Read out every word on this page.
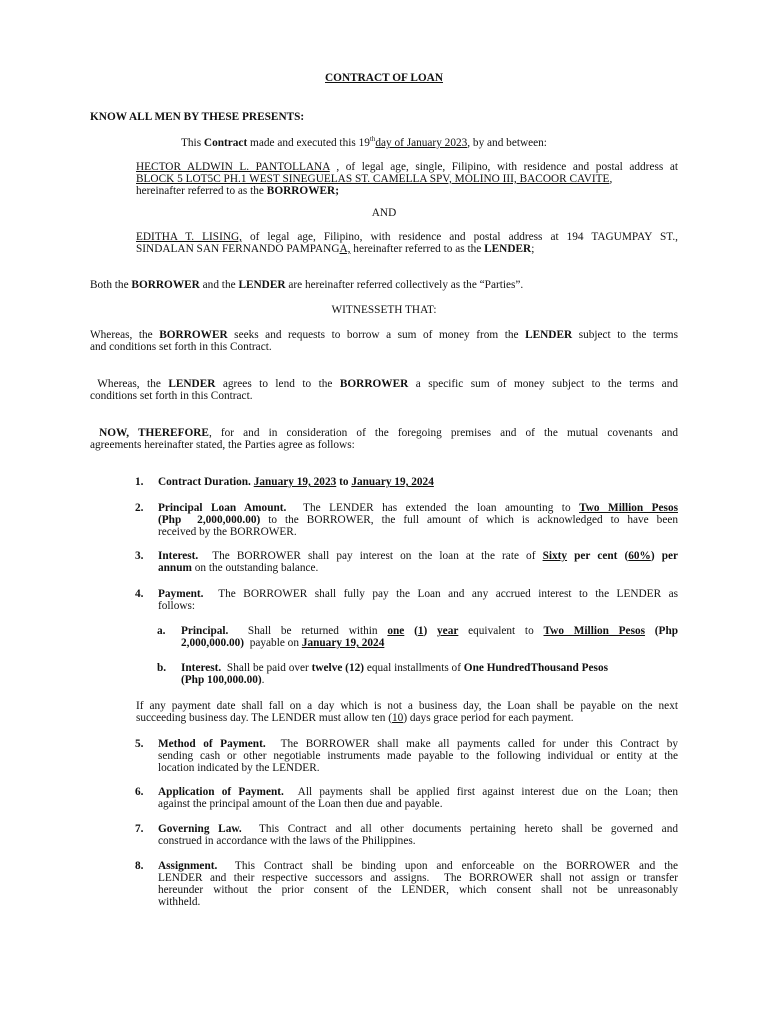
CONTRACT OF LOAN
KNOW ALL MEN BY THESE PRESENTS:
This Contract made and executed this 19thday of January 2023, by and between:
HECTOR ALDWIN L. PANTOLLANA , of legal age, single, Filipino, with residence and postal address at
BLOCK 5 LOT5C PH.1 WEST SINEGUELAS ST. CAMELLA SPV, MOLINO III, BACOOR CAVITE,
hereinafter referred to as the BORROWER;
AND
EDITHA T. LISING, of legal age, Filipino, with residence and postal address at 194 TAGUMPAY ST.,
SINDALAN SAN FERNANDO PAMPANGA, hereinafter referred to as the LENDER;
Both the BORROWER and the LENDER are hereinafter referred collectively as the “Parties”.
WITNESSETH THAT:
Whereas, the BORROWER seeks and requests to borrow a sum of money from the LENDER subject to the terms
and conditions set forth in this Contract.
Whereas, the LENDER agrees to lend to the BORROWER a specific sum of money subject to the terms and
conditions set forth in this Contract.
NOW, THEREFORE, for and in consideration of the foregoing premises and of the mutual covenants and
agreements hereinafter stated, the Parties agree as follows:
1. Contract Duration. January 19, 2023 to January 19, 2024
2. Principal Loan Amount.  The LENDER has extended the loan amounting to Two Million Pesos
(Php  2,000,000.00) to the BORROWER, the full amount of which is acknowledged to have been
received by the BORROWER.
3. Interest.  The BORROWER shall pay interest on the loan at the rate of Sixty per cent (60%) per
annum on the outstanding balance.
4. Payment.  The BORROWER shall fully pay the Loan and any accrued interest to the LENDER as
follows:
a. Principal.  Shall be returned within one (1) year equivalent to Two Million Pesos (Php
2,000,000.00)  payable on January 19, 2024
b. Interest.  Shall be paid over twelve (12) equal installments of One HundredThousand Pesos
(Php 100,000.00).
If any payment date shall fall on a day which is not a business day, the Loan shall be payable on the next
succeeding business day. The LENDER must allow ten (10) days grace period for each payment.
5. Method of Payment.  The BORROWER shall make all payments called for under this Contract by
sending cash or other negotiable instruments made payable to the following individual or entity at the
location indicated by the LENDER.
6. Application of Payment.  All payments shall be applied first against interest due on the Loan; then
against the principal amount of the Loan then due and payable.
7. Governing Law.  This Contract and all other documents pertaining hereto shall be governed and
construed in accordance with the laws of the Philippines.
8. Assignment.  This Contract shall be binding upon and enforceable on the BORROWER and the
LENDER and their respective successors and assigns.  The BORROWER shall not assign or transfer
hereunder without the prior consent of the LENDER, which consent shall not be unreasonably
withheld.
